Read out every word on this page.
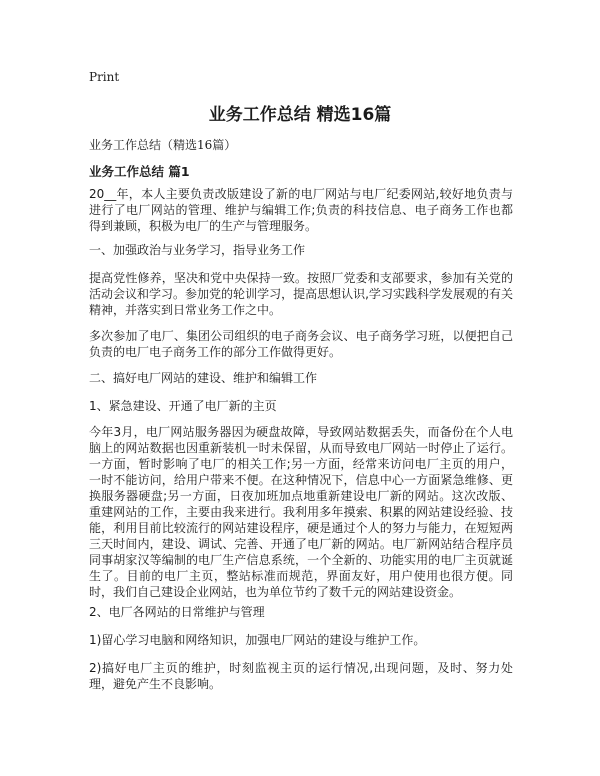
Print
业务工作总结 精选16篇
业务工作总结（精选16篇）
业务工作总结 篇1

20__年，本人主要负责改版建设了新的电厂网站与电厂纪委网站,较好地负责与进行了电厂网站的管理、维护与编辑工作;负责的科技信息、电子商务工作也都得到兼顾，积极为电厂的生产与管理服务。

一、加强政治与业务学习，指导业务工作

提高党性修养，坚决和党中央保持一致。按照厂党委和支部要求，参加有关党的活动会议和学习。参加党的轮训学习，提高思想认识,学习实践科学发展观的有关精神，并落实到日常业务工作之中。

多次参加了电厂、集团公司组织的电子商务会议、电子商务学习班，以便把自己负责的电厂电子商务工作的部分工作做得更好。

二、搞好电厂网站的建设、维护和编辑工作

1、紧急建设、开通了电厂新的主页

今年3月，电厂网站服务器因为硬盘故障，导致网站数据丢失，而备份在个人电脑上的网站数据也因重新装机一时未保留，从而导致电厂网站一时停止了运行。一方面，暂时影响了电厂的相关工作;另一方面，经常来访问电厂主页的用户，一时不能访问，给用户带来不便。在这种情况下，信息中心一方面紧急维修、更换服务器硬盘;另一方面，日夜加班加点地重新建设电厂新的网站。这次改版、重建网站的工作，主要由我来进行。我利用多年摸索、积累的网站建设经验、技能，利用目前比较流行的网站建设程序，硬是通过个人的努力与能力，在短短两三天时间内，建设、调试、完善、开通了电厂新的网站。电厂新网站结合程序员同事胡家汉等编制的电厂生产信息系统，一个全新的、功能实用的电厂主页就诞生了。目前的电厂主页，整站标准而规范，界面友好，用户使用也很方便。同时，我们自己建设企业网站，也为单位节约了数千元的网站建设资金。

2、电厂各网站的日常维护与管理

1)留心学习电脑和网络知识，加强电厂网站的建设与维护工作。

2)搞好电厂主页的维护，时刻监视主页的运行情况,出现问题，及时、努力处理，避免产生不良影响。
